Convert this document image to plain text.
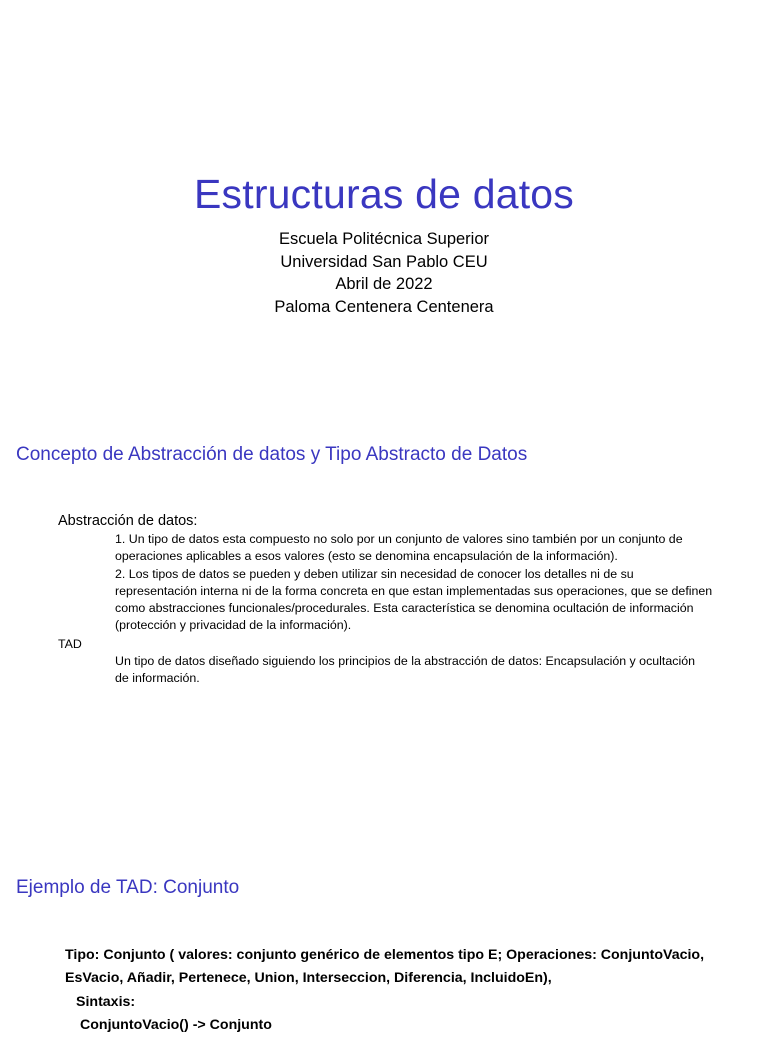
Estructuras de datos
Escuela Politécnica Superior
Universidad San Pablo CEU
Abril de 2022
Paloma Centenera Centenera
Concepto de Abstracción de datos y Tipo Abstracto de Datos
Abstracción de datos:

1. Un tipo de datos esta compuesto no solo por un conjunto de valores sino también por un conjunto de operaciones aplicables a esos valores (esto se denomina encapsulación de la información).

2. Los tipos de datos se pueden y deben utilizar sin necesidad de conocer los detalles ni de su representación interna ni de la forma concreta en que estan implementadas sus operaciones, que se definen como abstracciones funcionales/procedurales. Esta característica se denomina ocultación de información (protección y privacidad de la información).

TAD

Un tipo de datos diseñado siguiendo los principios de la abstracción de datos: Encapsulación y ocultación de información.

Ejemplo de TAD: Conjunto

Tipo: Conjunto ( valores: conjunto genérico de elementos tipo E; Operaciones: ConjuntoVacio, EsVacio, Añadir, Pertenece, Union, Interseccion, Diferencia, IncluidoEn),

Sintaxis:

ConjuntoVacio() -> Conjunto
